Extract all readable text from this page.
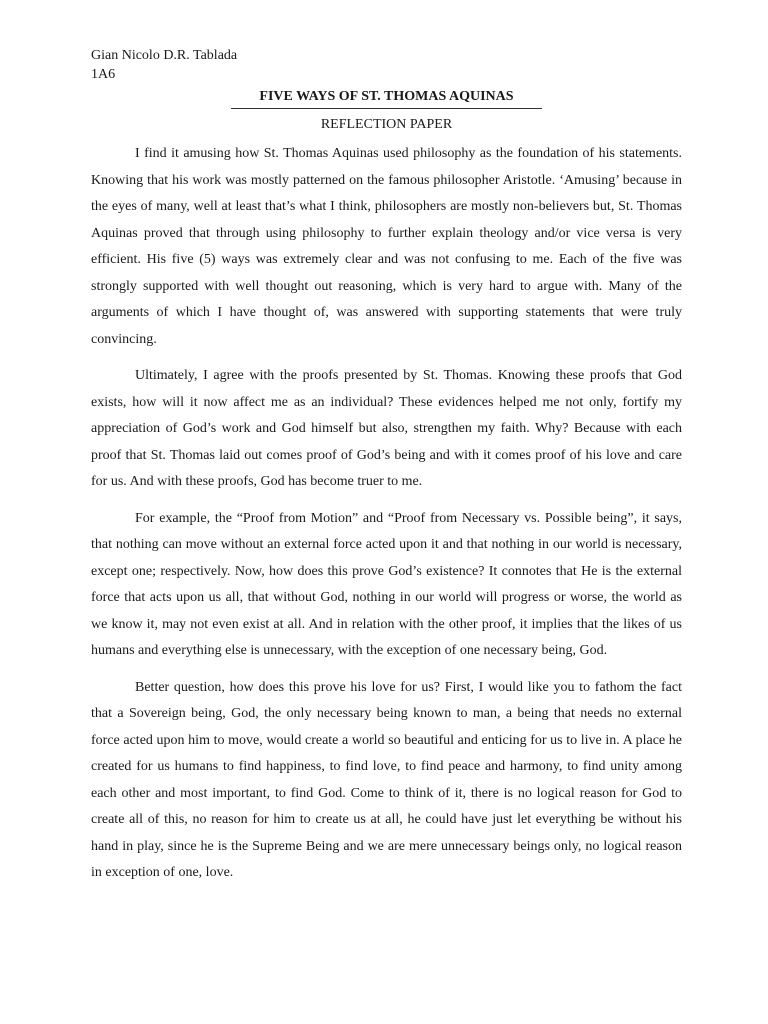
Gian Nicolo D.R. Tablada
1A6
FIVE WAYS OF ST. THOMAS AQUINAS
REFLECTION PAPER

I find it amusing how St. Thomas Aquinas used philosophy as the foundation of his statements. Knowing that his work was mostly patterned on the famous philosopher Aristotle. ‘Amusing’ because in the eyes of many, well at least that’s what I think, philosophers are mostly non-believers but, St. Thomas Aquinas proved that through using philosophy to further explain theology and/or vice versa is very efficient. His five (5) ways was extremely clear and was not confusing to me. Each of the five was strongly supported with well thought out reasoning, which is very hard to argue with. Many of the arguments of which I have thought of, was answered with supporting statements that were truly convincing.

Ultimately, I agree with the proofs presented by St. Thomas. Knowing these proofs that God exists, how will it now affect me as an individual? These evidences helped me not only, fortify my appreciation of God’s work and God himself but also, strengthen my faith. Why? Because with each proof that St. Thomas laid out comes proof of God’s being and with it comes proof of his love and care for us. And with these proofs, God has become truer to me.

For example, the “Proof from Motion” and “Proof from Necessary vs. Possible being”, it says, that nothing can move without an external force acted upon it and that nothing in our world is necessary, except one; respectively. Now, how does this prove God’s existence? It connotes that He is the external force that acts upon us all, that without God, nothing in our world will progress or worse, the world as we know it, may not even exist at all. And in relation with the other proof, it implies that the likes of us humans and everything else is unnecessary, with the exception of one necessary being, God.

Better question, how does this prove his love for us? First, I would like you to fathom the fact that a Sovereign being, God, the only necessary being known to man, a being that needs no external force acted upon him to move, would create a world so beautiful and enticing for us to live in. A place he created for us humans to find happiness, to find love, to find peace and harmony, to find unity among each other and most important, to find God. Come to think of it, there is no logical reason for God to create all of this, no reason for him to create us at all, he could have just let everything be without his hand in play, since he is the Supreme Being and we are mere unnecessary beings only, no logical reason in exception of one, love.
